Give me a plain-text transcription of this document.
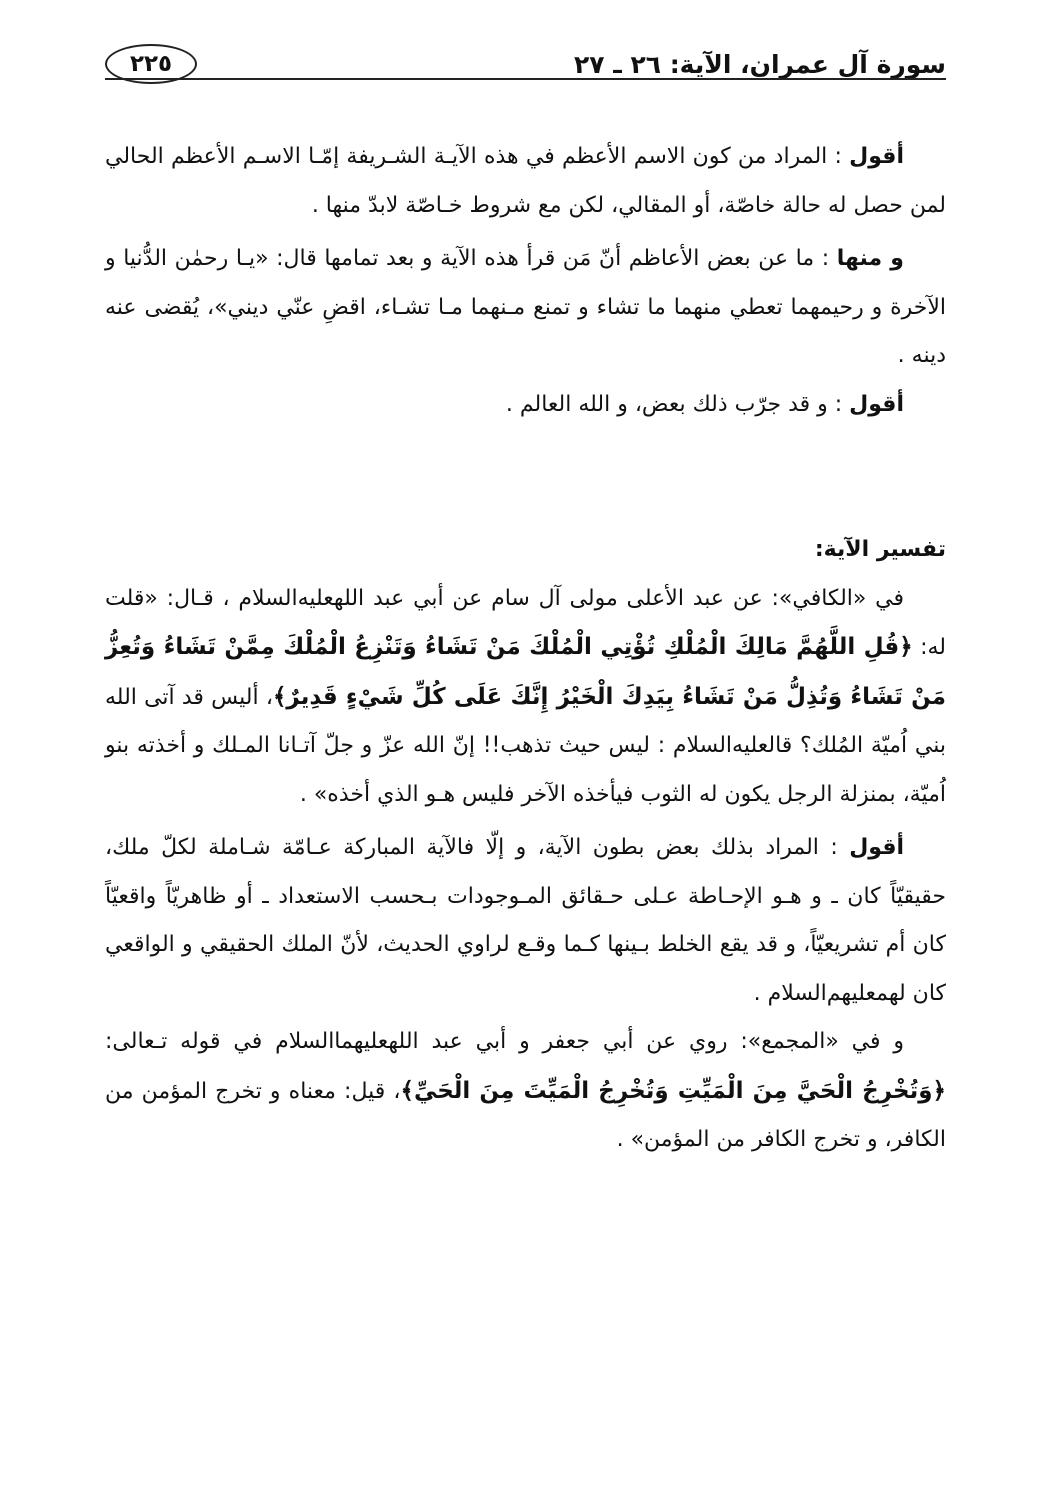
سورة آل عمران، الآية: ٢٦ ـ ٢٧
٢٢٥

أقول : المراد من كون الاسم الأعظم في هذه الآيـة الشـريفة إمّـا الاسـم الأعظم الحالي لمن حصل له حالة خاصّة، أو المقالي، لكن مع شروط خـاصّة لابدّ منها .

و منها : ما عن بعض الأعاظم أنّ مَن قرأ هذه الآية و بعد تمامها قال: «يـا رحمٰن الدُّنيا و الآخرة و رحيمهما تعطي منهما ما تشاء و تمنع مـنهما مـا تشـاء، اقضِ عنّي ديني»، يُقضى عنه دينه .

أقول : و قد جرّب ذلك بعض، و الله العالم .

تفسير الآية:

في «الكافي»: عن عبد الأعلى مولى آل سام عن أبي عبد اللهعليه‌السلام ، قـال: «قلت له: ﴿قُلِ اللَّهُمَّ مَالِكَ الْمُلْكِ تُؤْتِي الْمُلْكَ مَنْ تَشَاءُ وَتَنْزِعُ الْمُلْكَ مِمَّنْ تَشَاءُ وَتُعِزُّ مَنْ تَشَاءُ وَتُذِلُّ مَنْ تَشَاءُ بِيَدِكَ الْخَيْرُ إِنَّكَ عَلَى كُلِّ شَيْءٍ قَدِيرٌ﴾، أليس قد آتى الله بني اُميّة المُلك؟ قالعليه‌السلام : ليس حيث تذهب!! إنّ الله عزّ و جلّ آتـانا المـلك و أخذته بنو اُميّة، بمنزلة الرجل يكون له الثوب فيأخذه الآخر فليس هـو الذي أخذه» .

أقول : المراد بذلك بعض بطون الآية، و إلّا فالآية المباركة عـامّة شـاملة لكلّ ملك، حقيقيّاً كان ـ و هـو الإحـاطة عـلى حـقائق المـوجودات بـحسب الاستعداد ـ أو ظاهريّاً واقعيّاً كان أم تشريعيّاً، و قد يقع الخلط بـينها كـما وقـع لراوي الحديث، لأنّ الملك الحقيقي و الواقعي كان لهمعليهم‌السلام .

و في «المجمع»: روي عن أبي جعفر و أبي عبد اللهعليهما‌السلام في قوله تـعالى: ﴿وَتُخْرِجُ الْحَيَّ مِنَ الْمَيِّتِ وَتُخْرِجُ الْمَيِّتَ مِنَ الْحَيِّ﴾، قيل: معناه و تخرج المؤمن من الكافر، و تخرج الكافر من المؤمن» .
